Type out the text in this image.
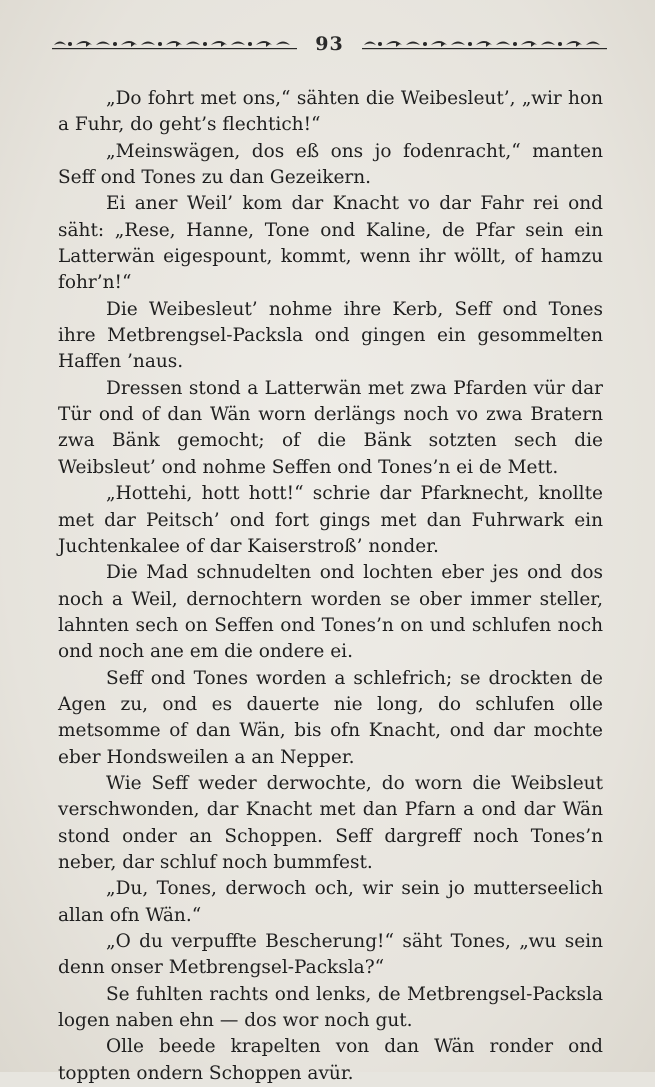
93

„Do fohrt met ons,“ sähten die Weibesleut’, „wir hon a Fuhr, do geht’s flechtich!“

„Meinswägen, dos eß ons jo fodenracht,“ manten Seff ond Tones zu dan Gezeikern.

Ei aner Weil’ kom dar Knacht vo dar Fahr rei ond säht: „Rese, Hanne, Tone ond Kaline, de Pfar sein ein Latterwän eigespount, kommt, wenn ihr wöllt, of hamzu fohr’n!“

Die Weibesleut’ nohme ihre Kerb, Seff ond Tones ihre Metbrengsel-Packsla ond gingen ein gesommelten Haffen ’naus.

Dressen stond a Latterwän met zwa Pfarden vür dar Tür ond of dan Wän worn derlängs noch vo zwa Bratern zwa Bänk gemocht; of die Bänk sotzten sech die Weibsleut’ ond nohme Seffen ond Tones’n ei de Mett.

„Hottehi, hott hott!“ schrie dar Pfarknecht, knollte met dar Peitsch’ ond fort gings met dan Fuhrwark ein Juchtenkalee of dar Kaiserstroß’ nonder.

Die Mad schnudelten ond lochten eber jes ond dos noch a Weil, dernochtern worden se ober immer steller, lahnten sech on Seffen ond Tones’n on und schlufen noch ond noch ane em die ondere ei.

Seff ond Tones worden a schlefrich; se drockten de Agen zu, ond es dauerte nie long, do schlufen olle metsomme of dan Wän, bis ofn Knacht, ond dar mochte eber Hondsweilen a an Nepper.

Wie Seff weder derwochte, do worn die Weibsleut verschwonden, dar Knacht met dan Pfarn a ond dar Wän stond onder an Schoppen. Seff dargreff noch Tones’n neber, dar schluf noch bummfest.

„Du, Tones, derwoch och, wir sein jo mutterseelich allan ofn Wän.“

„O du verpuffte Bescherung!“ säht Tones, „wu sein denn onser Metbrengsel-Packsla?“

Se fuhlten rachts ond lenks, de Metbrengsel-Packsla logen naben ehn — dos wor noch gut.

Olle beede krapelten von dan Wän ronder ond toppten ondern Schoppen avür.
